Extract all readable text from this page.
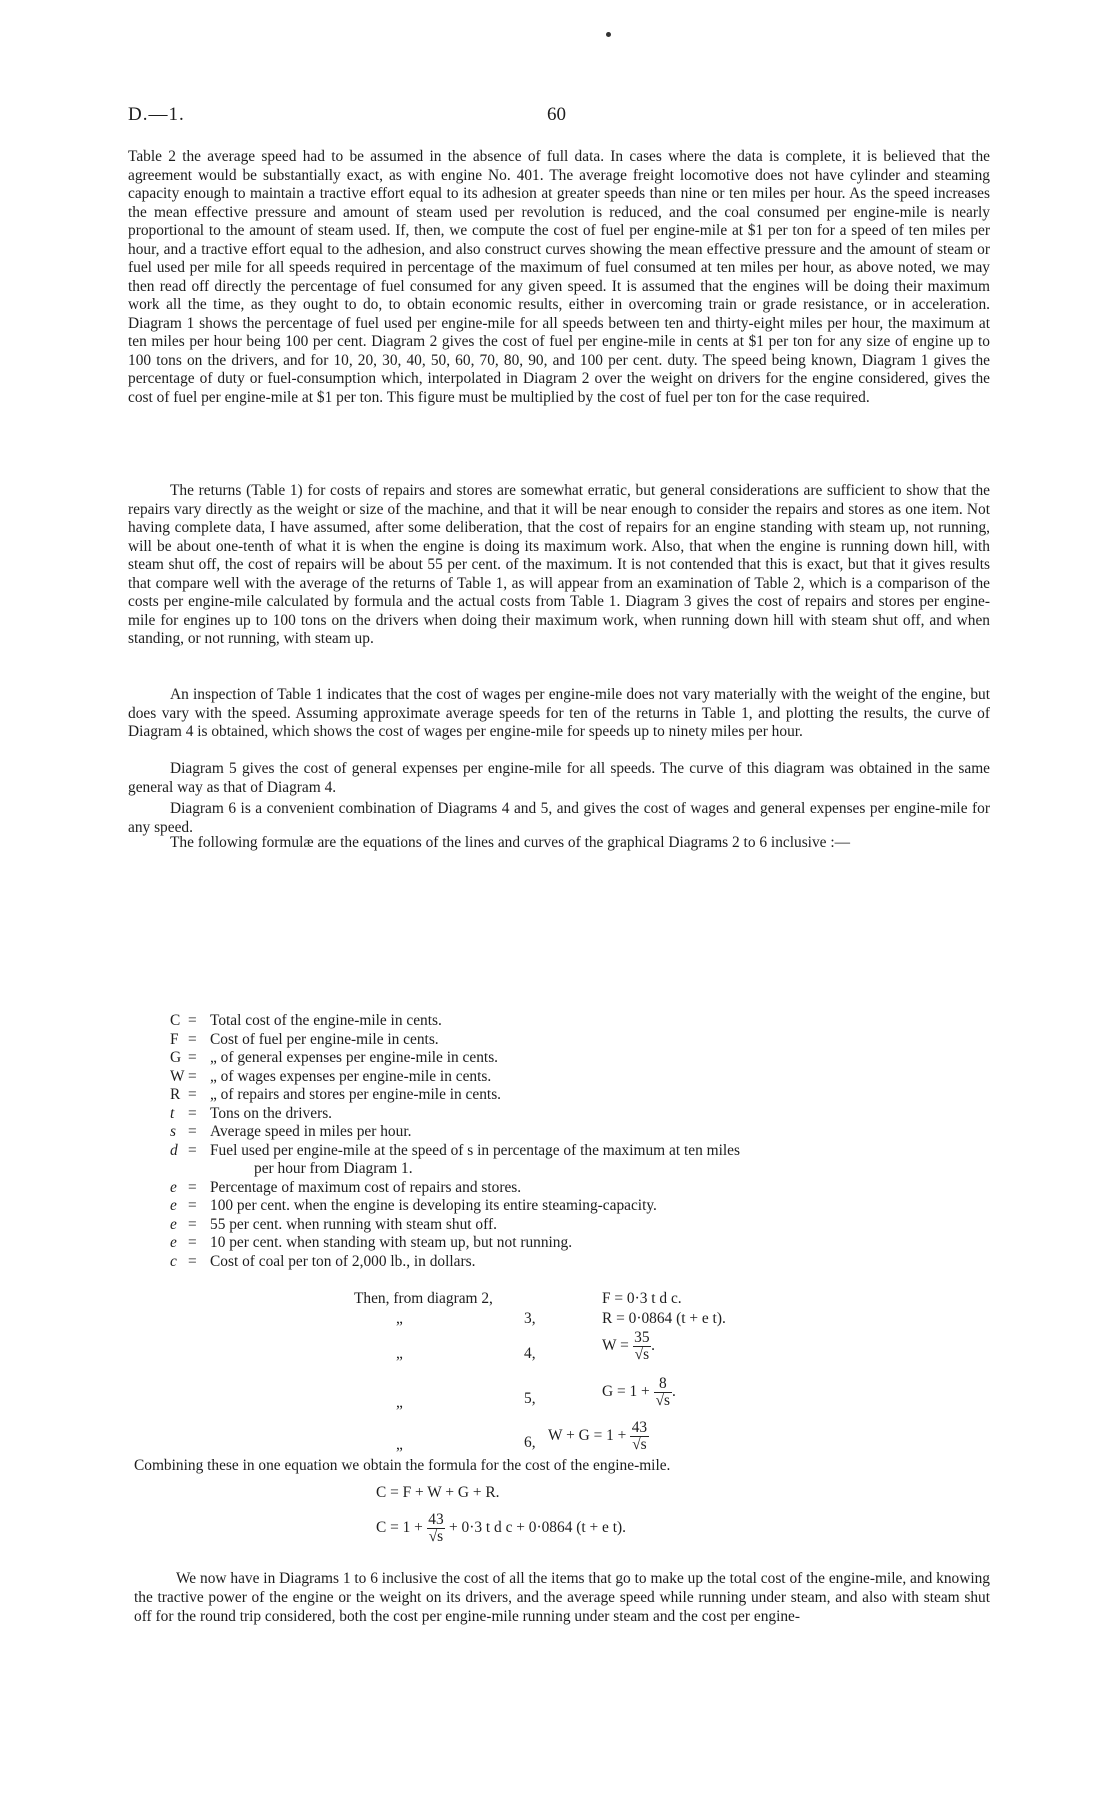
D.—1.	60

Table 2 the average speed had to be assumed in the absence of full data. In cases where the data is complete, it is believed that the agreement would be substantially exact, as with engine No. 401. The average freight locomotive does not have cylinder and steaming capacity enough to maintain a tractive effort equal to its adhesion at greater speeds than nine or ten miles per hour. As the speed increases the mean effective pressure and amount of steam used per revolution is reduced, and the coal consumed per engine-mile is nearly proportional to the amount of steam used. If, then, we compute the cost of fuel per engine-mile at $1 per ton for a speed of ten miles per hour, and a tractive effort equal to the adhesion, and also construct curves showing the mean effective pressure and the amount of steam or fuel used per mile for all speeds required in percentage of the maximum of fuel consumed at ten miles per hour, as above noted, we may then read off directly the percentage of fuel consumed for any given speed. It is assumed that the engines will be doing their maximum work all the time, as they ought to do, to obtain economic results, either in overcoming train or grade resistance, or in acceleration. Diagram 1 shows the percentage of fuel used per engine-mile for all speeds between ten and thirty-eight miles per hour, the maximum at ten miles per hour being 100 per cent. Diagram 2 gives the cost of fuel per engine-mile in cents at $1 per ton for any size of engine up to 100 tons on the drivers, and for 10, 20, 30, 40, 50, 60, 70, 80, 90, and 100 per cent. duty. The speed being known, Diagram 1 gives the percentage of duty or fuel-consumption which, interpolated in Diagram 2 over the weight on drivers for the engine considered, gives the cost of fuel per engine-mile at $1 per ton. This figure must be multiplied by the cost of fuel per ton for the case required.

The returns (Table 1) for costs of repairs and stores are somewhat erratic, but general considerations are sufficient to show that the repairs vary directly as the weight or size of the machine, and that it will be near enough to consider the repairs and stores as one item. Not having complete data, I have assumed, after some deliberation, that the cost of repairs for an engine standing with steam up, not running, will be about one-tenth of what it is when the engine is doing its maximum work. Also, that when the engine is running down hill, with steam shut off, the cost of repairs will be about 55 per cent. of the maximum. It is not contended that this is exact, but that it gives results that compare well with the average of the returns of Table 1, as will appear from an examination of Table 2, which is a comparison of the costs per engine-mile calculated by formula and the actual costs from Table 1. Diagram 3 gives the cost of repairs and stores per engine-mile for engines up to 100 tons on the drivers when doing their maximum work, when running down hill with steam shut off, and when standing, or not running, with steam up.

An inspection of Table 1 indicates that the cost of wages per engine-mile does not vary materially with the weight of the engine, but does vary with the speed. Assuming approximate average speeds for ten of the returns in Table 1, and plotting the results, the curve of Diagram 4 is obtained, which shows the cost of wages per engine-mile for speeds up to ninety miles per hour.

Diagram 5 gives the cost of general expenses per engine-mile for all speeds. The curve of this diagram was obtained in the same general way as that of Diagram 4.

Diagram 6 is a convenient combination of Diagrams 4 and 5, and gives the cost of wages and general expenses per engine-mile for any speed.

The following formulæ are the equations of the lines and curves of the graphical Diagrams 2 to 6 inclusive :—

C = Total cost of the engine-mile in cents.
F = Cost of fuel per engine-mile in cents.
G = „ of general expenses per engine-mile in cents.
W = „ of wages expenses per engine-mile in cents.
R = „ of repairs and stores per engine-mile in cents.
t = Tons on the drivers.
s = Average speed in miles per hour.
d = Fuel used per engine-mile at the speed of s in percentage of the maximum at ten miles
per hour from Diagram 1.
e = Percentage of maximum cost of repairs and stores.
e = 100 per cent. when the engine is developing its entire steaming-capacity.
e = 55 per cent. when running with steam shut off.
e = 10 per cent. when standing with steam up, but not running.
c = Cost of coal per ton of 2,000 lb., in dollars.
Then, from diagram 2,	F = 0·3 t d c.
„	3,	R = 0·0864 (t + e t).
„	4,	$W = \frac{35}{√s}$ .
„	5,	$G = 1 + \frac{8}{√s}$ .
„	6, $W + G = 1 + \frac{43}{√s}$
Combining these in one equation we obtain the formula for the cost of the engine-mile.
C = F + W + G + R.
$C = 1 + \frac{43}{√s} + 0\cdot 3$ t d c + 0·0864 (t + e t).

We now have in Diagrams 1 to 6 inclusive the cost of all the items that go to make up the total cost of the engine-mile, and knowing the tractive power of the engine or the weight on its drivers, and the average speed while running under steam, and also with steam shut off for the round trip considered, both the cost per engine-mile running under steam and the cost per engine-
